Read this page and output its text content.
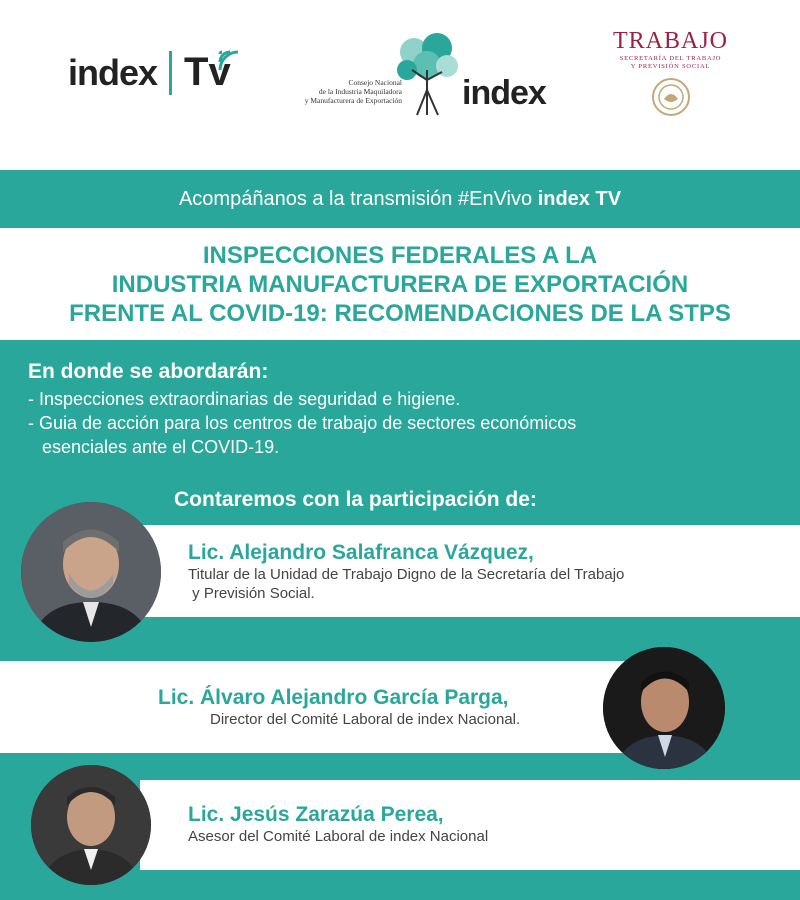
index Tv	Consejo Nacional
de la Industria Maquiladora
y Manufacturera de Exportación index
TRABAJO
SECRETARÍA DEL TRABAJO
Y PREVISIÓN SOCIAL
Acompáñanos a la transmisión #EnVivo index TV
INSPECCIONES FEDERALES A LA
INDUSTRIA MANUFACTURERA DE EXPORTACIÓN
FRENTE AL COVID-19: RECOMENDACIONES DE LA STPS
En donde se abordarán:
- Inspecciones extraordinarias de seguridad e higiene.
- Guia de acción para los centros de trabajo de sectores económicos
esenciales ante el COVID-19.
Contaremos con la participación de:
Lic. Alejandro Salafranca Vázquez,
Titular de la Unidad de Trabajo Digno de la Secretaría del Trabajo
y Previsión Social.
Lic. Álvaro Alejandro García Parga,
Director del Comité Laboral de index Nacional.
Lic. Jesús Zarazúa Perea,
Asesor del Comité Laboral de index Nacional
